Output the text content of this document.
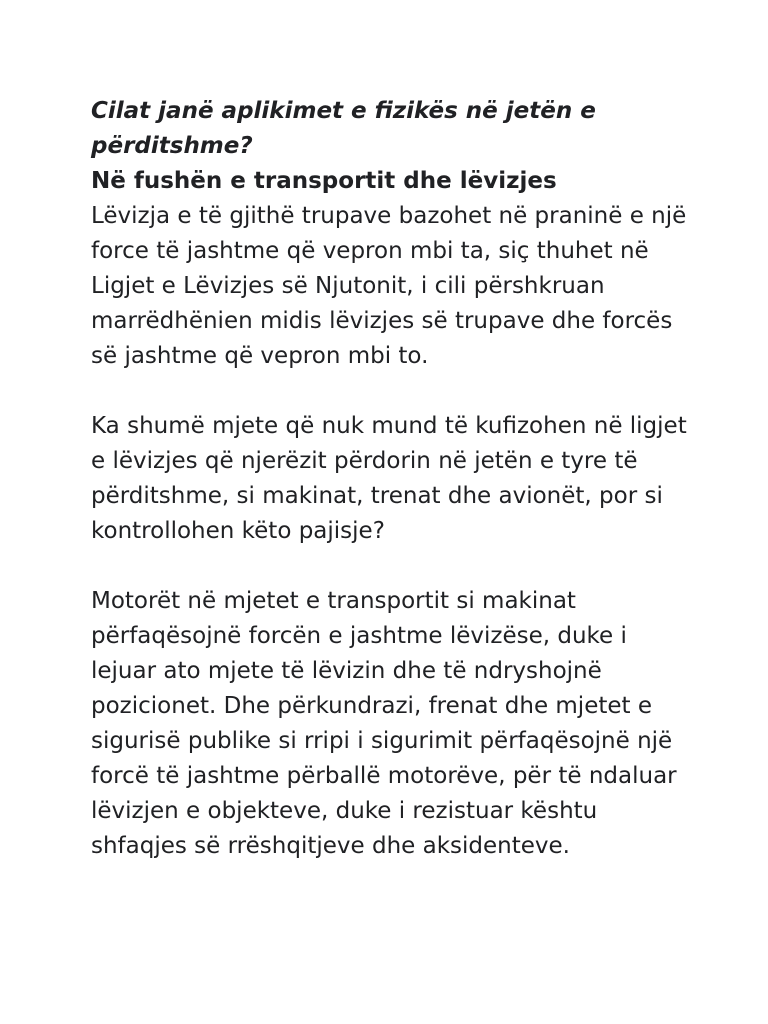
Cilat janë aplikimet e fizikës në jetën e përditshme?

Në fushën e transportit dhe lëvizjes

Lëvizja e të gjithë trupave bazohet në praninë e një force të jashtme që vepron mbi ta, siç thuhet në Ligjet e Lëvizjes së Njutonit, i cili përshkruan marrëdhënien midis lëvizjes së trupave dhe forcës së jashtme që vepron mbi to.

Ka shumë mjete që nuk mund të kufizohen në ligjet e lëvizjes që njerëzit përdorin në jetën e tyre të përditshme, si makinat, trenat dhe avionët, por si kontrollohen këto pajisje?

Motorët në mjetet e transportit si makinat përfaqësojnë forcën e jashtme lëvizëse, duke i lejuar ato mjete të lëvizin dhe të ndryshojnë pozicionet. Dhe përkundrazi, frenat dhe mjetet e sigurisë publike si rripi i sigurimit përfaqësojnë një forcë të jashtme përballë motorëve, për të ndaluar lëvizjen e objekteve, duke i rezistuar kështu shfaqjes së rrëshqitjeve dhe aksidenteve.
